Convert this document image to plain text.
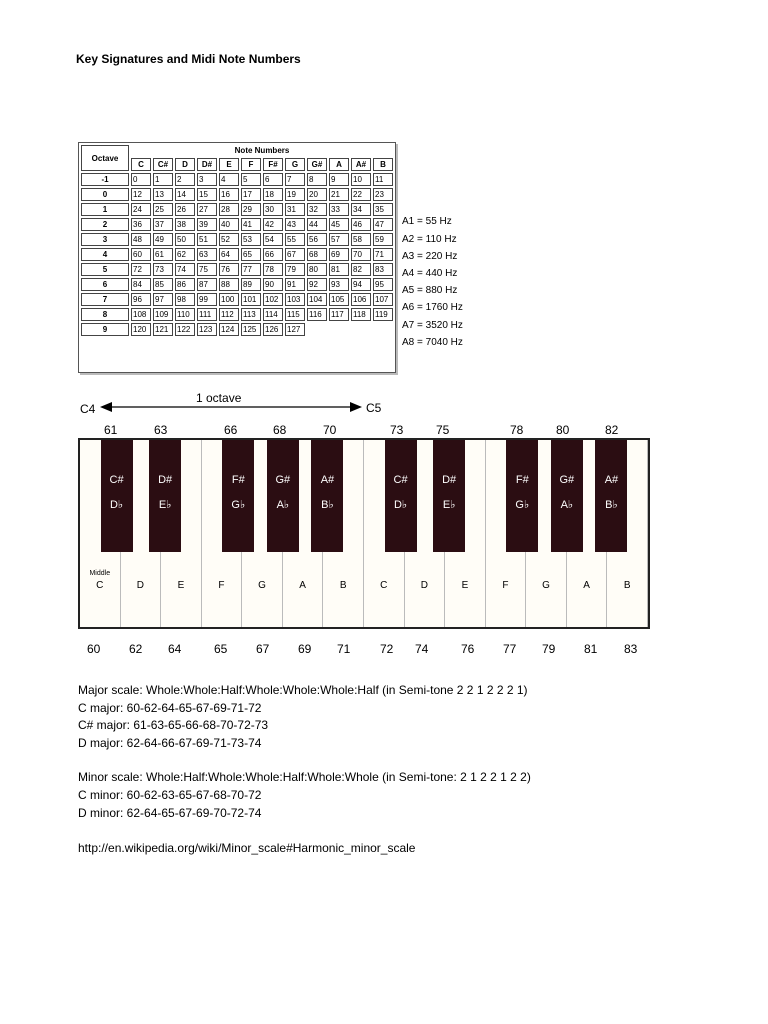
Key Signatures and Midi Note Numbers
Octave	Note Numbers											
	C	C#	D	D#	E	F	F#	G	G#	A	A#	B
-1	0	1	2	3	4	5	6	7	8	9	10	11
0	12	13	14	15	16	17	18	19	20	21	22	23
1	24	25	26	27	28	29	30	31	32	33	34	35
2	36	37	38	39	40	41	42	43	44	45	46	47
3	48	49	50	51	52	53	54	55	56	57	58	59
4	60	61	62	63	64	65	66	67	68	69	70	71
5	72	73	74	75	76	77	78	79	80	81	82	83
6	84	85	86	87	88	89	90	91	92	93	94	95
7	96	97	98	99	100	101	102	103	104	105	106	107
8	108	109	110	111	112	113	114	115	116	117	118	119
9	120	121	122	123	124	125	126	127				
A1 = 55 Hz
A2 = 110 Hz
A3 = 220 Hz
A4 = 440 Hz
A5 = 880 Hz
A6 = 1760 Hz
A7 = 3520 Hz
A8 = 7040 Hz
C4	C5
1 octave
61	63	66	68	70	73	75	78	80	82
C
Middle
D	E	F	G	A	B	C	D	E	F	G	A	B
C#
D♭
D#
E♭
F#
G♭
G#
A♭
A#
B♭
C#
D♭
D#
E♭
F#
G♭
G#
A♭
A#
B♭
60 62 64	65 67 69 71 72 74	76 77 79 81 83
Major scale: Whole:Whole:Half:Whole:Whole:Whole:Half (in Semi-tone 2 2 1 2 2 2 1)
C major: 60-62-64-65-67-69-71-72
C# major: 61-63-65-66-68-70-72-73
D major: 62-64-66-67-69-71-73-74
Minor scale: Whole:Half:Whole:Whole:Half:Whole:Whole (in Semi-tone: 2 1 2 2 1 2 2)
C minor: 60-62-63-65-67-68-70-72
D minor: 62-64-65-67-69-70-72-74
http://en.wikipedia.org/wiki/Minor_scale#Harmonic_minor_scale
